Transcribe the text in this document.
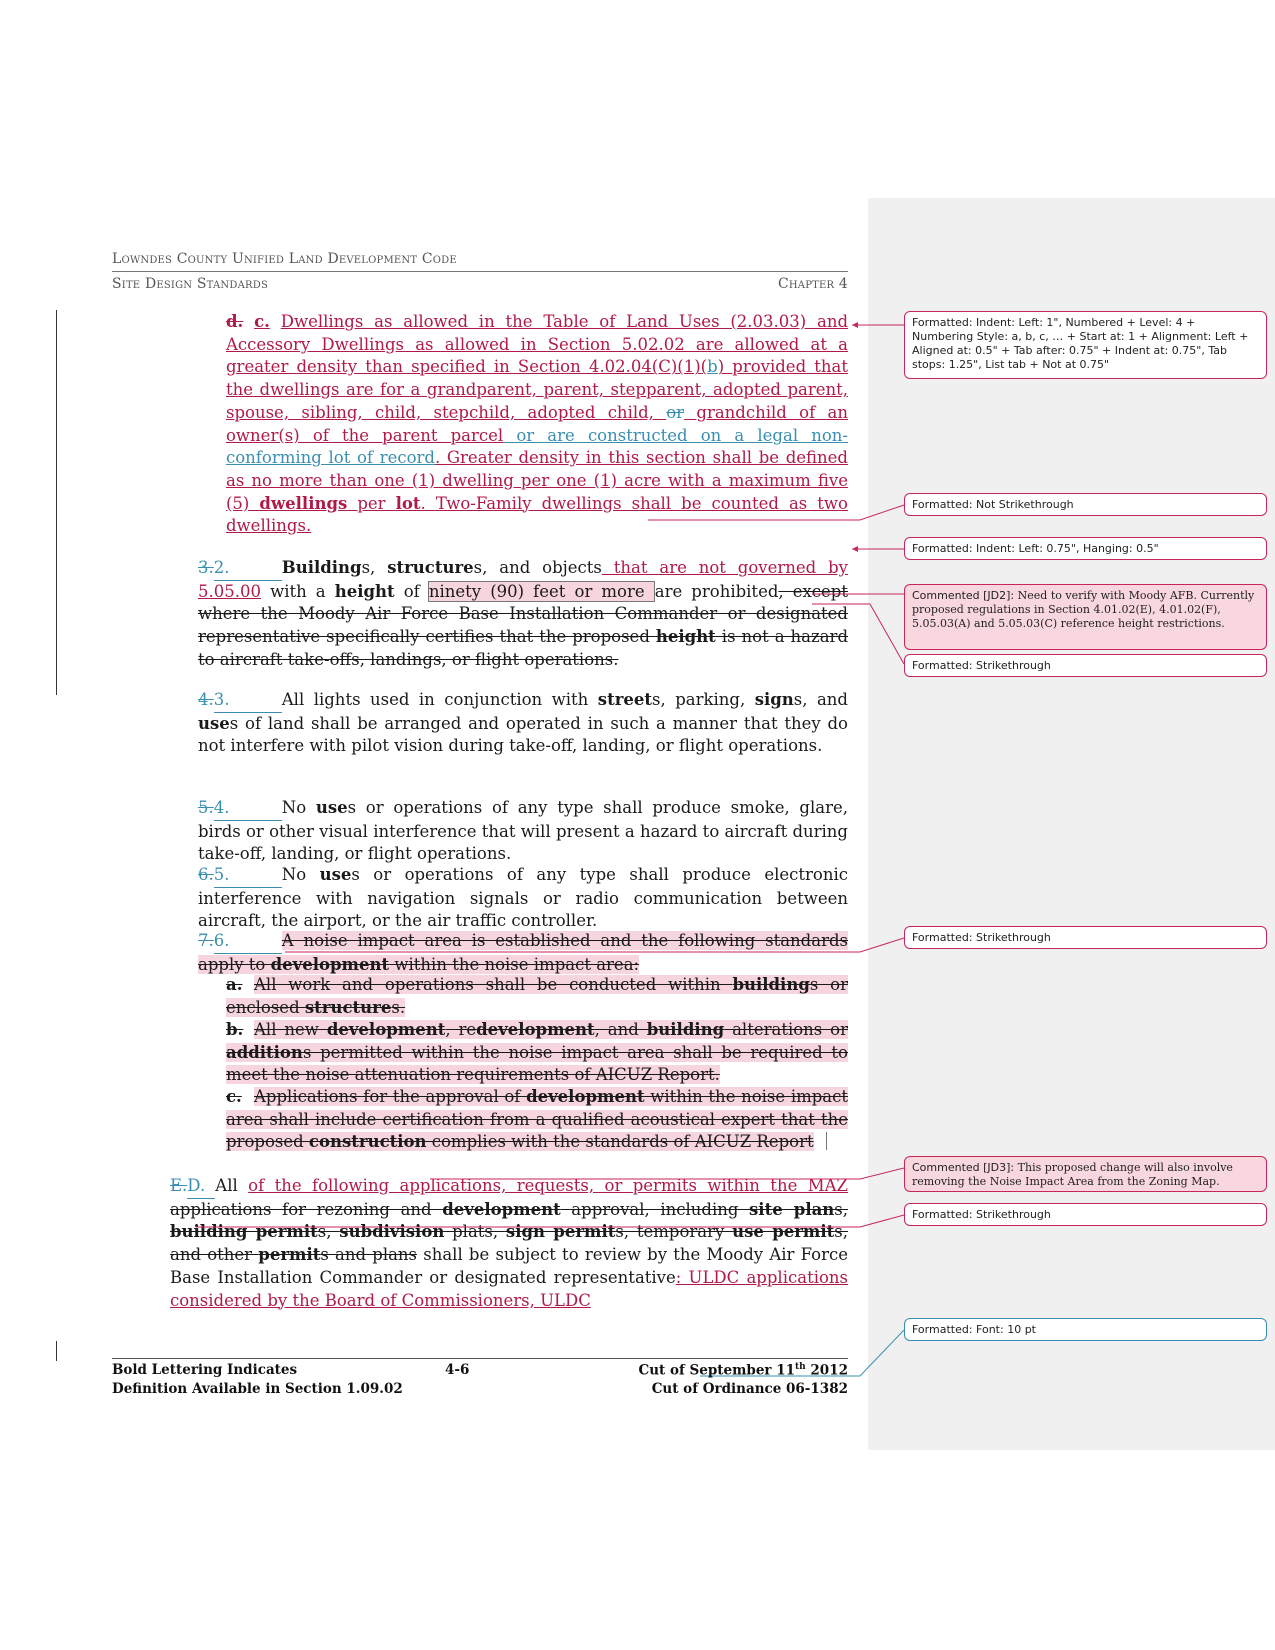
Lowndes County Unified Land Development Code
Site Design Standards	Chapter 4
d. c. Dwellings as allowed in the Table of Land Uses (2.03.03) and Accessory Dwellings as allowed in Section 5.02.02 are allowed at a greater density than specified in Section 4.02.04(C)(1)(b) provided that the dwellings are for a grandparent, parent, stepparent, adopted parent, spouse, sibling, child, stepchild, adopted child, or grandchild of an owner(s) of the parent parcel or are constructed on a legal non-conforming lot of record. Greater density in this section shall be defined as no more than one (1) dwelling per one (1) acre with a maximum five (5) dwellings per lot. Two-Family dwellings shall be counted as two dwellings.
3.2.	Buildings, structures, and objects that are not governed by 5.05.00 with a height of ninety (90) feet or more are prohibited, except where the Moody Air Force Base Installation Commander or designated representative specifically certifies that the proposed height is not a hazard to aircraft take-offs, landings, or flight operations.
4.3.	All lights used in conjunction with streets, parking, signs, and uses of land shall be arranged and operated in such a manner that they do not interfere with pilot vision during take-off, landing, or flight operations.
5.4.	No uses or operations of any type shall produce smoke, glare, birds or other visual interference that will present a hazard to aircraft during take-off, landing, or flight operations.
6.5.	No uses or operations of any type shall produce electronic interference with navigation signals or radio communication between aircraft, the airport, or the air traffic controller.
7.6.	A noise impact area is established and the following standards apply to development within the noise impact area:
a. All work and operations shall be conducted within buildings or enclosed structures.
b. All new development, redevelopment, and building alterations or additions permitted within the noise impact area shall be required to meet the noise attenuation requirements of AICUZ Report.
c. Applications for the approval of development within the noise impact area shall include certification from a qualified acoustical expert that the proposed construction complies with the standards of AICUZ Report
E.D. All of the following applications, requests, or permits within the MAZ applications for rezoning and development approval, including site plans, building permits, subdivision plats, sign permits, temporary use permits, and other permits and plans shall be subject to review by the Moody Air Force Base Installation Commander or designated representative: ULDC applications considered by the Board of Commissioners, ULDC
Formatted: Indent: Left: 1", Numbered + Level: 4 + Numbering Style: a, b, c, … + Start at: 1 + Alignment: Left + Aligned at: 0.5" + Tab after: 0.75" + Indent at: 0.75", Tab stops: 1.25", List tab + Not at 0.75"
Formatted: Not Strikethrough
Formatted: Indent: Left: 0.75", Hanging: 0.5"
Commented [JD2]: Need to verify with Moody AFB. Currently proposed regulations in Section 4.01.02(E), 4.01.02(F), 5.05.03(A) and 5.05.03(C) reference height restrictions.
Formatted: Strikethrough
Formatted: Strikethrough
Commented [JD3]: This proposed change will also involve removing the Noise Impact Area from the Zoning Map.
Formatted: Strikethrough
Formatted: Font: 10 pt
Bold Lettering Indicates
Definition Available in Section 1.09.02
4-6	Cut of September 11th 2012
Cut of Ordinance 06-1382
